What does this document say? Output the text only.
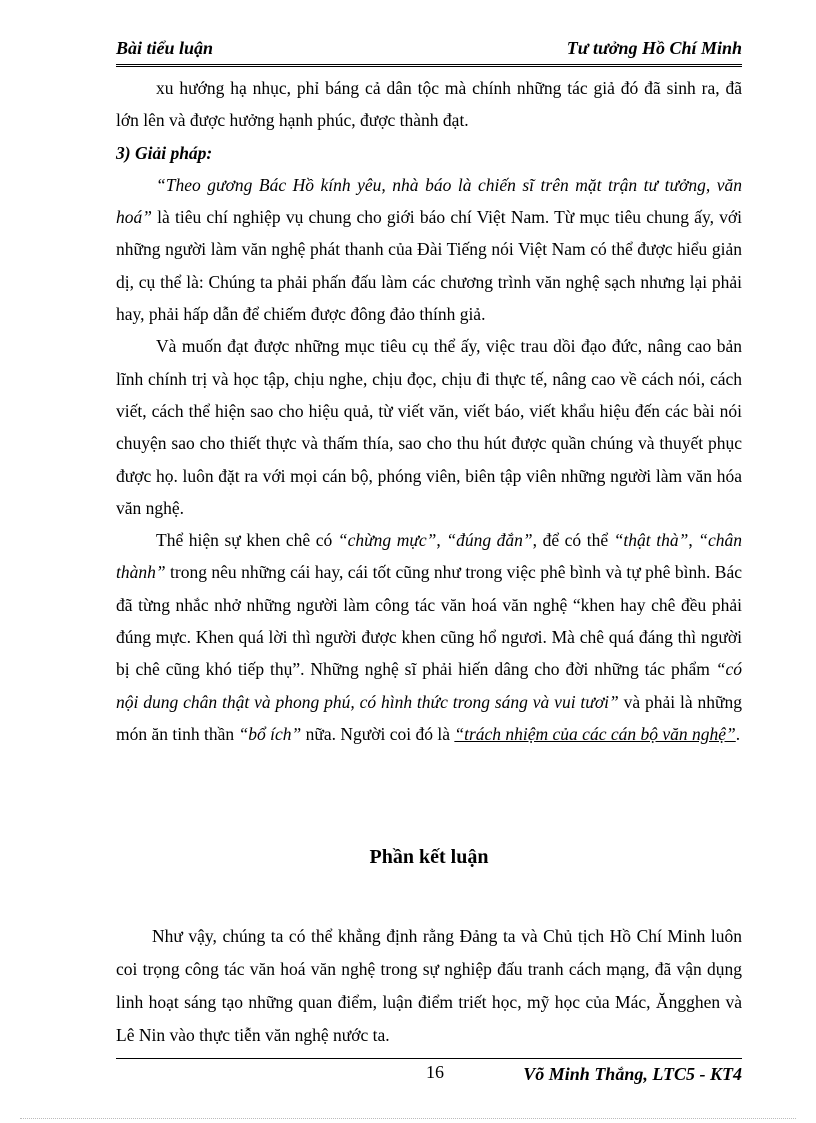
Bài tiểu luận	Tư tưởng Hồ Chí Minh

xu hướng hạ nhục, phỉ báng cả dân tộc mà chính những tác giả đó đã sinh ra, đã lớn lên và được hưởng hạnh phúc, được thành đạt.

3) Giải pháp:

“Theo gương Bác Hồ kính yêu, nhà báo là chiến sĩ trên mặt trận tư tưởng, văn hoá” là tiêu chí nghiệp vụ chung cho giới báo chí Việt Nam. Từ mục tiêu chung ấy, với những người làm văn nghệ phát thanh của Đài Tiếng nói Việt Nam có thể được hiểu giản dị, cụ thể là: Chúng ta phải phấn đấu làm các chương trình văn nghệ sạch nhưng lại phải hay, phải hấp dẫn để chiếm được đông đảo thính giả.

Và muốn đạt được những mục tiêu cụ thể ấy, việc trau dồi đạo đức, nâng cao bản lĩnh chính trị và học tập, chịu nghe, chịu đọc, chịu đi thực tế, nâng cao về cách nói, cách viết, cách thể hiện sao cho hiệu quả, từ viết văn, viết báo, viết khẩu hiệu đến các bài nói chuyện sao cho thiết thực và thấm thía, sao cho thu hút được quần chúng và thuyết phục được họ. luôn đặt ra với mọi cán bộ, phóng viên, biên tập viên những người làm văn hóa văn nghệ.

Thể hiện sự khen chê có “chừng mực”, “đúng đắn”, để có thể “thật thà”, “chân thành” trong nêu những cái hay, cái tốt cũng như trong việc phê bình và tự phê bình. Bác đã từng nhắc nhở những người làm công tác văn hoá văn nghệ “khen hay chê đều phải đúng mực. Khen quá lời thì người được khen cũng hổ ngươi. Mà chê quá đáng thì người bị chê cũng khó tiếp thụ”. Những nghệ sĩ phải hiến dâng cho đời những tác phẩm “có nội dung chân thật và phong phú, có hình thức trong sáng và vui tươi” và phải là những món ăn tinh thần “bổ ích” nữa. Người coi đó là “trách nhiệm của các cán bộ văn nghệ”.

Phần kết luận

Như vậy, chúng ta có thể khẳng định rằng Đảng ta và Chủ tịch Hồ Chí Minh luôn coi trọng công tác văn hoá văn nghệ trong sự nghiệp đấu tranh cách mạng, đã vận dụng linh hoạt sáng tạo những quan điểm, luận điểm triết học, mỹ học của Mác, Ăngghen và Lê Nin vào thực tiễn văn nghệ nước ta.

16	Võ Minh Thắng, LTC5 - KT4
